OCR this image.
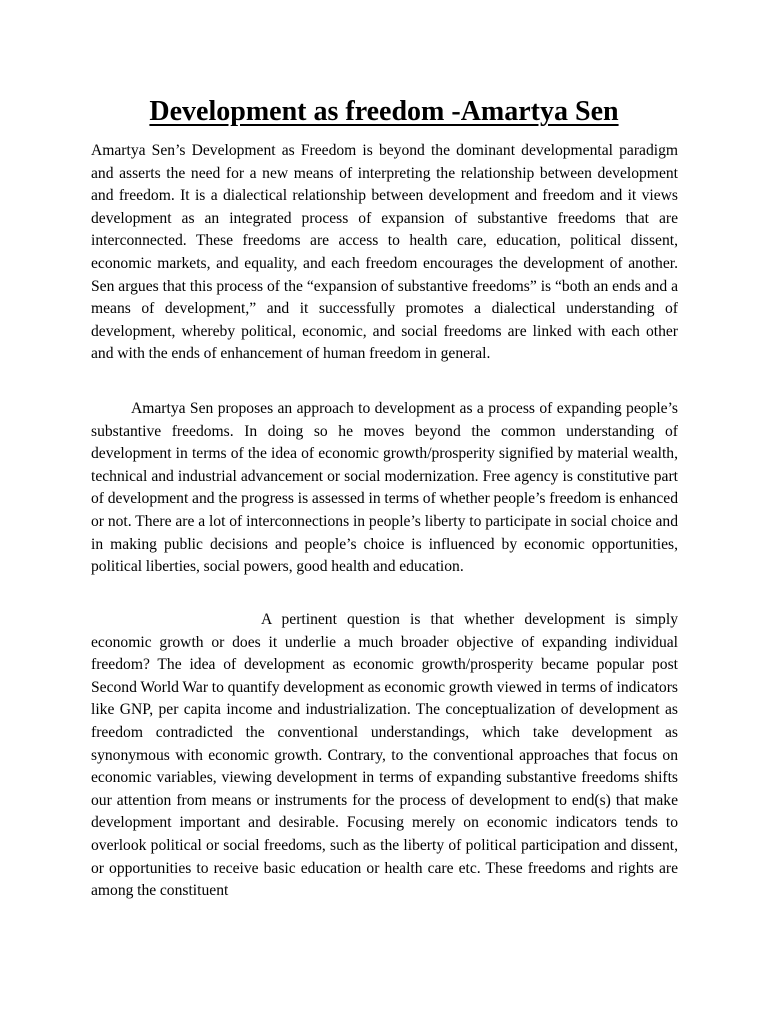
Development as freedom -Amartya Sen

Amartya Sen’s Development as Freedom is beyond the dominant developmental paradigm and asserts the need for a new means of interpreting the relationship between development and freedom. It is a dialectical relationship between development and freedom and it views development as an integrated process of expansion of substantive freedoms that are interconnected. These freedoms are access to health care, education, political dissent, economic markets, and equality, and each freedom encourages the development of another. Sen argues that this process of the “expansion of substantive freedoms” is “both an ends and a means of development,” and it successfully promotes a dialectical understanding of development, whereby political, economic, and social freedoms are linked with each other and with the ends of enhancement of human freedom in general.

Amartya Sen proposes an approach to development as a process of expanding people’s substantive freedoms. In doing so he moves beyond the common understanding of development in terms of the idea of economic growth/prosperity signified by material wealth, technical and industrial advancement or social modernization. Free agency is constitutive part of development and the progress is assessed in terms of whether people’s freedom is enhanced or not. There are a lot of interconnections in people’s liberty to participate in social choice and in making public decisions and people’s choice is influenced by economic opportunities, political liberties, social powers, good health and education.

A pertinent question is that whether development is simply economic growth or does it underlie a much broader objective of expanding individual freedom? The idea of development as economic growth/prosperity became popular post Second World War to quantify development as economic growth viewed in terms of indicators like GNP, per capita income and industrialization. The conceptualization of development as freedom contradicted the conventional understandings, which take development as synonymous with economic growth. Contrary, to the conventional approaches that focus on economic variables, viewing development in terms of expanding substantive freedoms shifts our attention from means or instruments for the process of development to end(s) that make development important and desirable. Focusing merely on economic indicators tends to overlook political or social freedoms, such as the liberty of political participation and dissent, or opportunities to receive basic education or health care etc. These freedoms and rights are among the constituent
